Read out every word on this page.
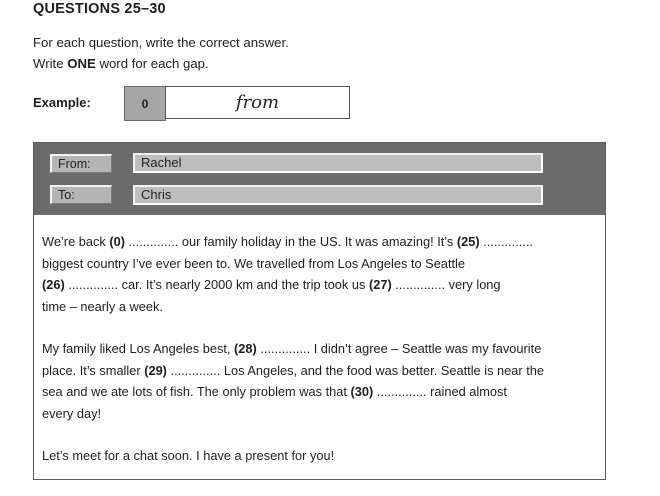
QUESTIONS 25–30
For each question, write the correct answer.
Write ONE word for each gap.
Example:	0	from
From:	Rachel
To:	Chris

We’re back (0) .............. our family holiday in the US. It was amazing! It’s (25) ..............
biggest country I’ve ever been to. We travelled from Los Angeles to Seattle
(26) .............. car. It’s nearly 2000 km and the trip took us (27) .............. very long
time – nearly a week.

My family liked Los Angeles best, (28) .............. I didn’t agree – Seattle was my favourite
place. It’s smaller (29) .............. Los Angeles, and the food was better. Seattle is near the
sea and we ate lots of fish. The only problem was that (30) .............. rained almost
every day!

Let’s meet for a chat soon. I have a present for you!
